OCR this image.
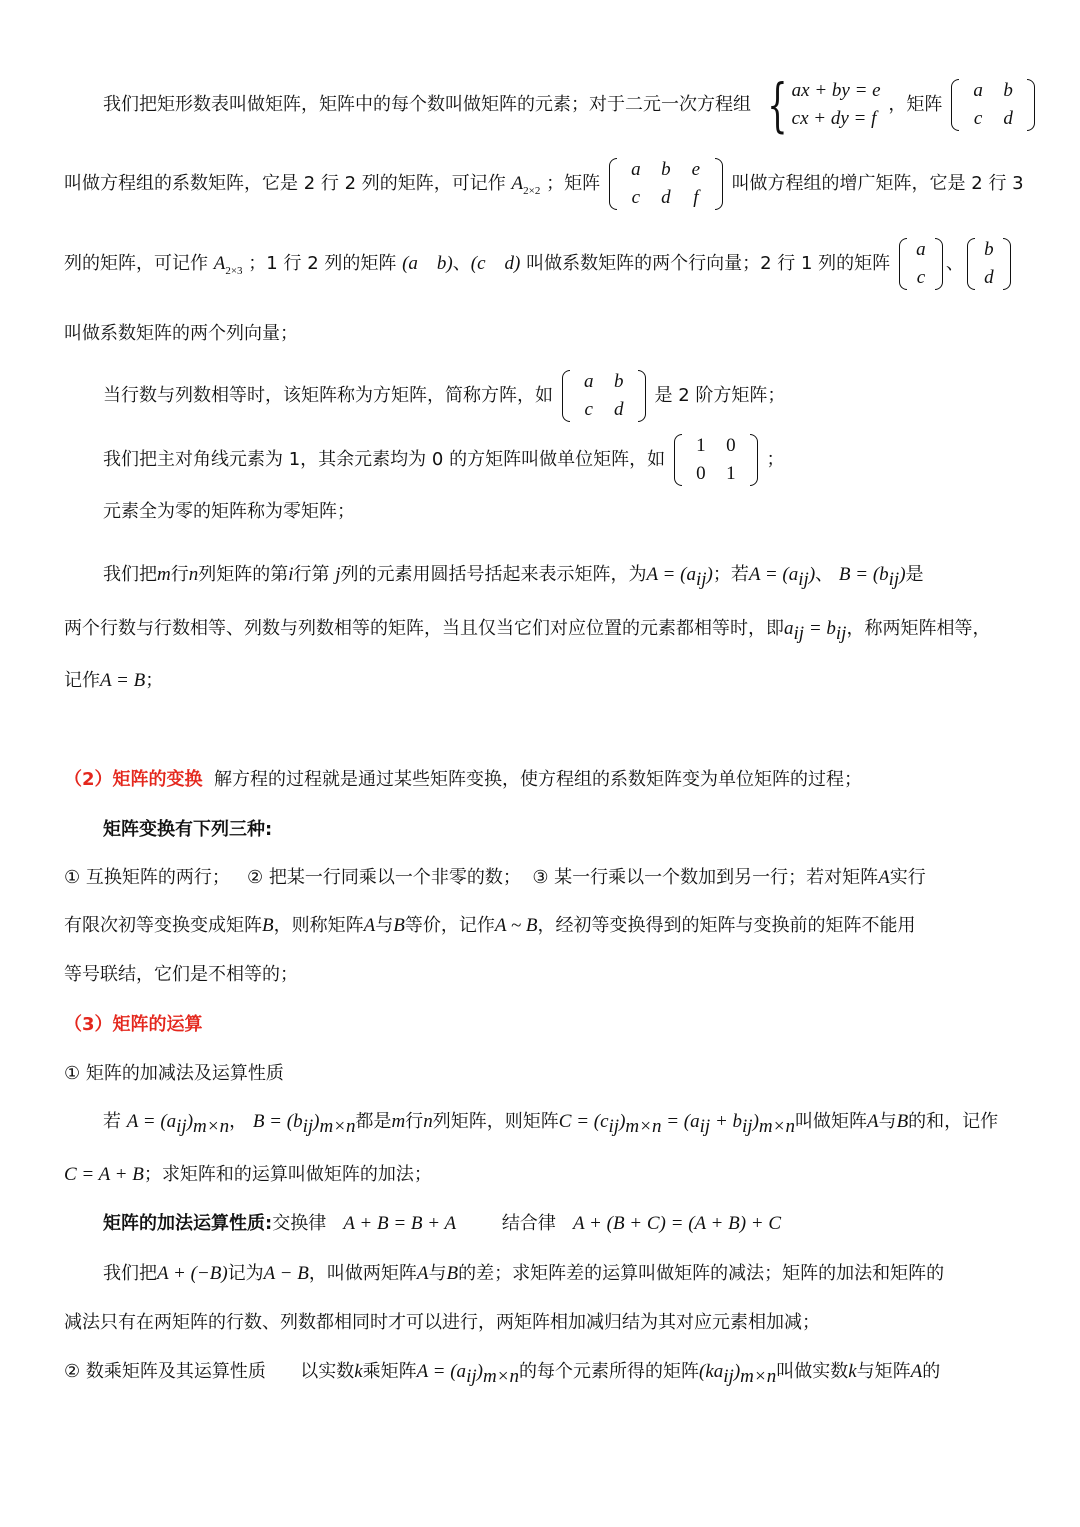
我们把矩形数表叫做矩阵，矩阵中的每个数叫做矩阵的元素；对于二元一次方程组 { ax + by = e
cx + dy = f
，矩阵
a	b
c	d
叫做方程组的系数矩阵，它是 2 行 2 列的矩阵，可记作 $A_{2\times 2}$ ；矩阵
a	b	e
c	d	f
叫做方程组的增广矩阵，它是 2 行 3
列的矩阵，可记作 $A_{2\times 3}$ ；1 行 2 列的矩阵 (a    b)、(c    d) 叫做系数矩阵的两个行向量；2 行 1 列的矩阵
a
c
、
b
d
叫做系数矩阵的两个列向量；
当行数与列数相等时，该矩阵称为方矩阵，简称方阵，如
a	b
c	d
是 2 阶方矩阵；
我们把主对角线元素为 1，其余元素均为 0 的方矩阵叫做单位矩阵，如
1	0
0	1
；
元素全为零的矩阵称为零矩阵；
我们把m行n列矩阵的第i行第 j列的元素用圆括号括起来表示矩阵，为$A = (a_{ij})$；若$A = (a_{ij})$、 $B = (b_{ij})$是
两个行数与行数相等、列数与列数相等的矩阵，当且仅当它们对应位置的元素都相等时，即$a_{ij} = b_{ij}$，称两矩阵相等，
记作A = B；
（2）矩阵的变换 解方程的过程就是通过某些矩阵变换，使方程组的系数矩阵变为单位矩阵的过程；
矩阵变换有下列三种:
① 互换矩阵的两行；   ② 把某一行同乘以一个非零的数；  ③ 某一行乘以一个数加到另一行；若对矩阵A实行
有限次初等变换变成矩阵B，则称矩阵A与B等价，记作A ~ B，经初等变换得到的矩阵与变换前的矩阵不能用
等号联结，它们是不相等的；
（3）矩阵的运算
① 矩阵的加减法及运算性质
若 $A = (a_{ij})_{m\times n}$， $B = (b_{ij})_{m\times n}$都是m行n列矩阵，则矩阵$C = (c_{ij})_{m\times n} = (a_{ij} + b_{ij})_{m\times n}$叫做矩阵A与B的和，记作
C = A + B；求矩阵和的运算叫做矩阵的加法；
矩阵的加法运算性质:交换律 A + B = B + A	结合律 A + (B + C) = (A + B) + C
我们把A + (−B)记为A − B，叫做两矩阵A与B的差；求矩阵差的运算叫做矩阵的减法；矩阵的加法和矩阵的
减法只有在两矩阵的行数、列数都相同时才可以进行，两矩阵相加减归结为其对应元素相加减；
② 数乘矩阵及其运算性质 以实数k乘矩阵$A = (a_{ij})_{m\times n}$的每个元素所得的矩阵$(ka_{ij})_{m\times n}$叫做实数k与矩阵A的
